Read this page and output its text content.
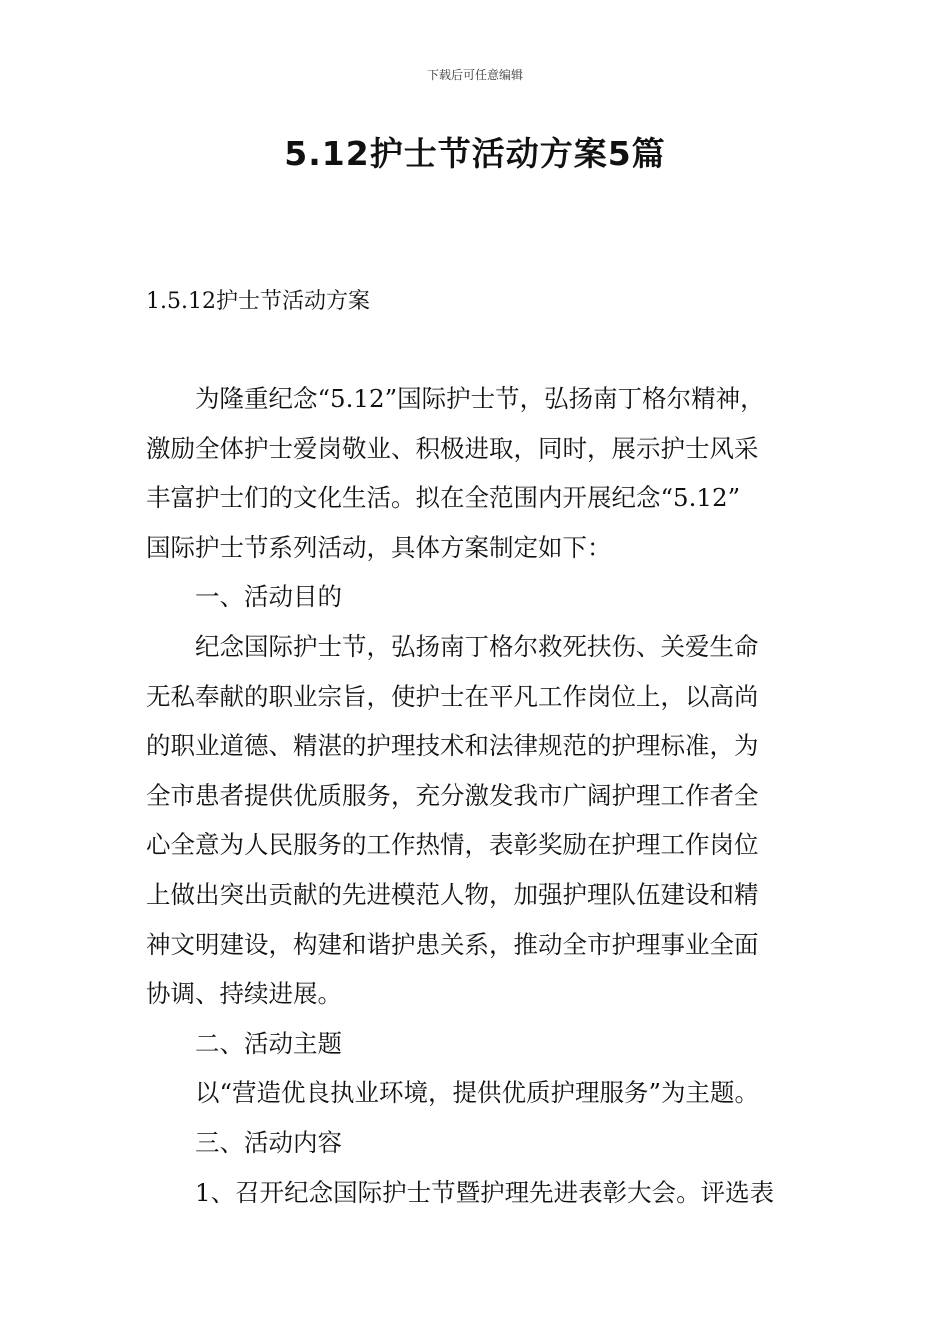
下载后可任意编辑
5.12护士节活动方案5篇
1.5.12护士节活动方案
为隆重纪念“5.12”国际护士节，弘扬南丁格尔精神，
激励全体护士爱岗敬业、积极进取，同时，展示护士风采
丰富护士们的文化生活。拟在全范围内开展纪念“5.12”
国际护士节系列活动，具体方案制定如下：
一、活动目的
纪念国际护士节，弘扬南丁格尔救死扶伤、关爱生命
无私奉献的职业宗旨，使护士在平凡工作岗位上，以高尚
的职业道德、精湛的护理技术和法律规范的护理标准，为
全市患者提供优质服务，充分激发我市广阔护理工作者全
心全意为人民服务的工作热情，表彰奖励在护理工作岗位
上做出突出贡献的先进模范人物，加强护理队伍建设和精
神文明建设，构建和谐护患关系，推动全市护理事业全面
协调、持续进展。
二、活动主题
以“营造优良执业环境，提供优质护理服务”为主题。
三、活动内容
1、召开纪念国际护士节暨护理先进表彰大会。评选表
